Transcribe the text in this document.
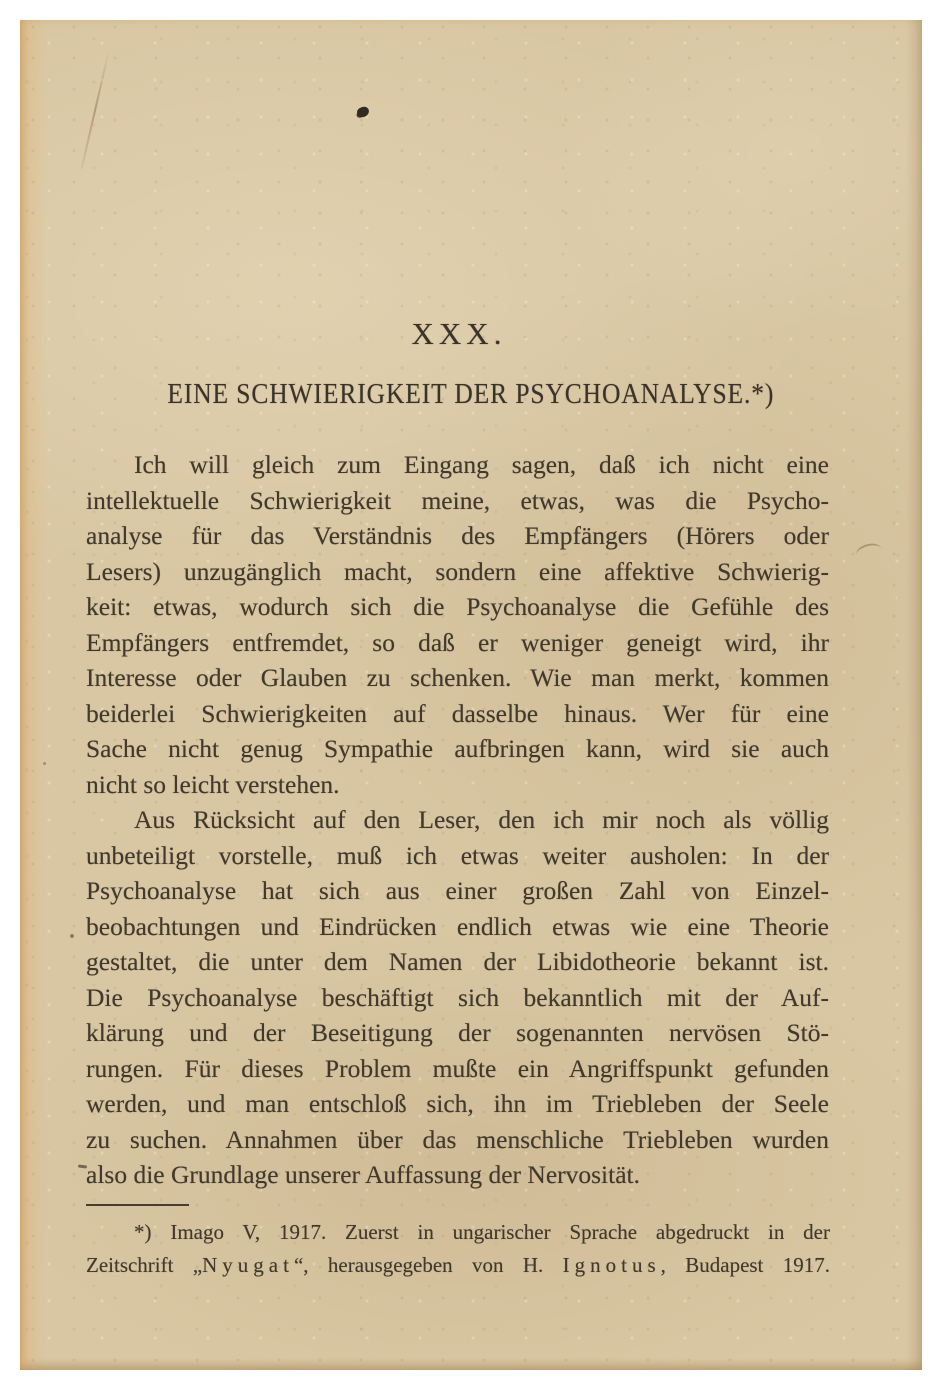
XXX.
EINE SCHWIERIGKEIT DER PSYCHOANALYSE.*)
Ich will gleich zum Eingang sagen, daß ich nicht eine
intellektuelle Schwierigkeit meine, etwas, was die Psycho-
analyse für das Verständnis des Empfängers (Hörers oder
Lesers) unzugänglich macht, sondern eine affektive Schwierig-
keit: etwas, wodurch sich die Psychoanalyse die Gefühle des
Empfängers entfremdet, so daß er weniger geneigt wird, ihr
Interesse oder Glauben zu schenken. Wie man merkt, kommen
beiderlei Schwierigkeiten auf dasselbe hinaus. Wer für eine
Sache nicht genug Sympathie aufbringen kann, wird sie auch
nicht so leicht verstehen.
Aus Rücksicht auf den Leser, den ich mir noch als völlig
unbeteiligt vorstelle, muß ich etwas weiter ausholen: In der
Psychoanalyse hat sich aus einer großen Zahl von Einzel-
beobachtungen und Eindrücken endlich etwas wie eine Theorie
gestaltet, die unter dem Namen der Libidotheorie bekannt ist.
Die Psychoanalyse beschäftigt sich bekanntlich mit der Auf-
klärung und der Beseitigung der sogenannten nervösen Stö-
rungen. Für dieses Problem mußte ein Angriffspunkt gefunden
werden, und man entschloß sich, ihn im Triebleben der Seele
zu suchen. Annahmen über das menschliche Triebleben wurden
also die Grundlage unserer Auffassung der Nervosität.
*) Imago V, 1917. Zuerst in ungarischer Sprache abgedruckt in der
Zeitschrift „Nyugat“, herausgegeben von H. Ignotus, Budapest 1917.
